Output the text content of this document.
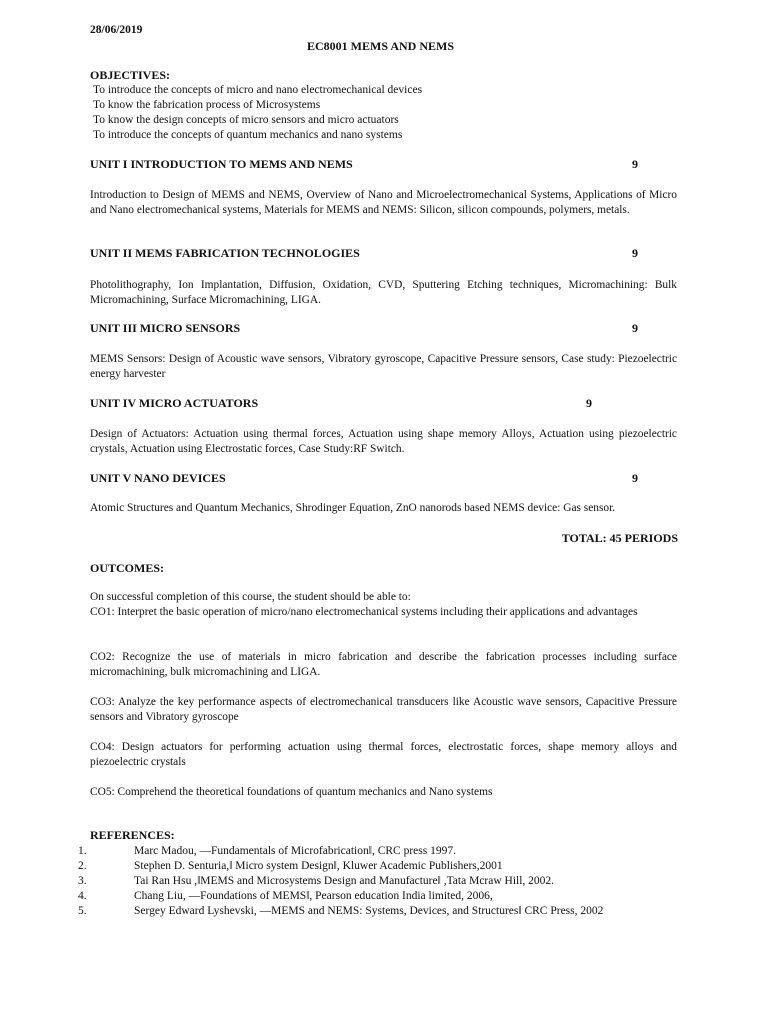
28/06/2019
EC8001 MEMS AND NEMS
OBJECTIVES:
To introduce the concepts of micro and nano electromechanical devices
To know the fabrication process of Microsystems
To know the design concepts of micro sensors and micro actuators
To introduce the concepts of quantum mechanics and nano systems
UNIT I INTRODUCTION TO MEMS AND NEMS	9
Introduction to Design of MEMS and NEMS, Overview of Nano and Microelectromechanical Systems, Applications of Micro and Nano electromechanical systems, Materials for MEMS and NEMS: Silicon, silicon compounds, polymers, metals.
UNIT II MEMS FABRICATION TECHNOLOGIES	9
Photolithography, Ion Implantation, Diffusion, Oxidation, CVD, Sputtering Etching techniques, Micromachining: Bulk Micromachining, Surface Micromachining, LIGA.
UNIT III MICRO SENSORS	9
MEMS Sensors: Design of Acoustic wave sensors, Vibratory gyroscope, Capacitive Pressure sensors, Case study: Piezoelectric energy harvester
UNIT IV MICRO ACTUATORS	9
Design of Actuators: Actuation using thermal forces, Actuation using shape memory Alloys, Actuation using piezoelectric crystals, Actuation using Electrostatic forces, Case Study:RF Switch.
UNIT V NANO DEVICES	9
Atomic Structures and Quantum Mechanics, Shrodinger Equation, ZnO nanorods based NEMS device: Gas sensor.
TOTAL: 45 PERIODS
OUTCOMES:
On successful completion of this course, the student should be able to:
CO1: Interpret the basic operation of micro/nano electromechanical systems including their applications and advantages
CO2: Recognize the use of materials in micro fabrication and describe the fabrication processes including surface micromachining, bulk micromachining and LIGA.
CO3: Analyze the key performance aspects of electromechanical transducers like Acoustic wave sensors, Capacitive Pressure sensors and Vibratory gyroscope
CO4: Design actuators for performing actuation using thermal forces, electrostatic forces, shape memory alloys and piezoelectric crystals
CO5: Comprehend the theoretical foundations of quantum mechanics and Nano systems
REFERENCES:
1.	Marc Madou, ―Fundamentals of Microfabrication‖, CRC press 1997.
2.	Stephen D. Senturia,‖ Micro system Design‖, Kluwer Academic Publishers,2001
3.	Tai Ran Hsu ,‖MEMS and Microsystems Design and Manufacture‖ ,Tata Mcraw Hill, 2002.
4.	Chang Liu, ―Foundations of MEMS‖, Pearson education India limited, 2006,
5.	Sergey Edward Lyshevski, ―MEMS and NEMS: Systems, Devices, and Structures‖ CRC Press, 2002
